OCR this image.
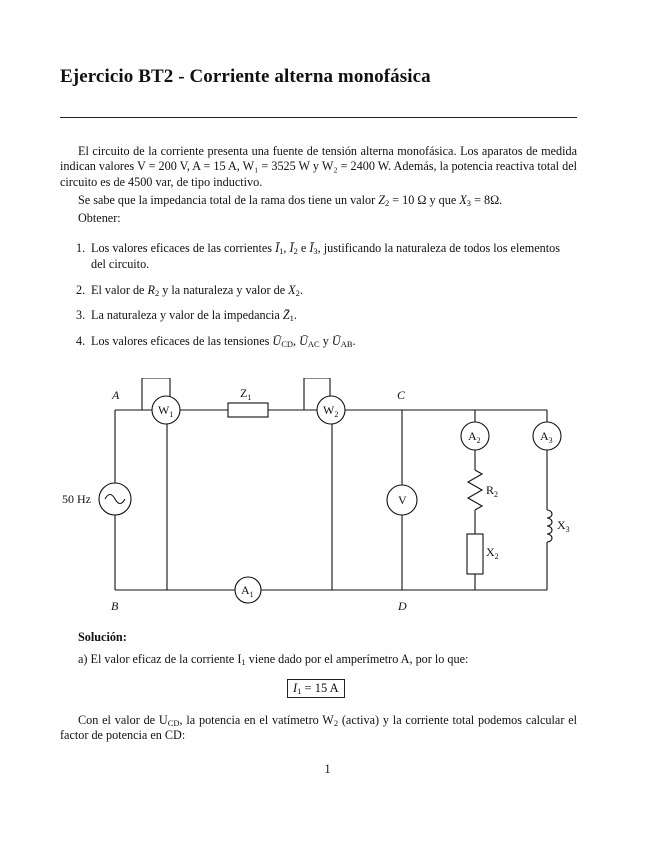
Ejercicio BT2 - Corriente alterna monofásica

El circuito de la corriente presenta una fuente de tensión alterna monofásica. Los aparatos de medida indican valores V = 200 V, A = 15 A, W₁ = 3525 W y W₂ = 2400 W. Además, la potencia reactiva total del circuito es de 4500 var, de tipo inductivo.

Se sabe que la impedancia total de la rama dos tiene un valor $Z_2 = 10$ Ω y que $X_3 = 8\Omega$.

Obtener:

1. Los valores eficaces de las corrientes $Ī_1$, $Ī_2$ e $Ī_3$, justificando la naturaleza de todos los elementos del circuito.
2. El valor de $R_2$ y la naturaleza y valor de $X_2$.
3. La naturaleza y valor de la impedancia $Z̄_1$.
4. Los valores eficaces de las tensiones $Ū_{CD}$, $Ū_{AC}$ y $Ū_{AB}$.
A
B
C
D
50 Hz
$W_1$	$W_2$
$Z_1$
$A_1$
$A_2$	$A_3$
V
$R_2$
$X_2$
$X_3$

Solución:

a) El valor eficaz de la corriente $I_1$ viene dado por el amperímetro A, por lo que:

$I_1 = 15$ A

Con el valor de $U_{CD}$, la potencia en el vatímetro $W_2$ (activa) y la corriente total podemos calcular el factor de potencia en CD:

1
